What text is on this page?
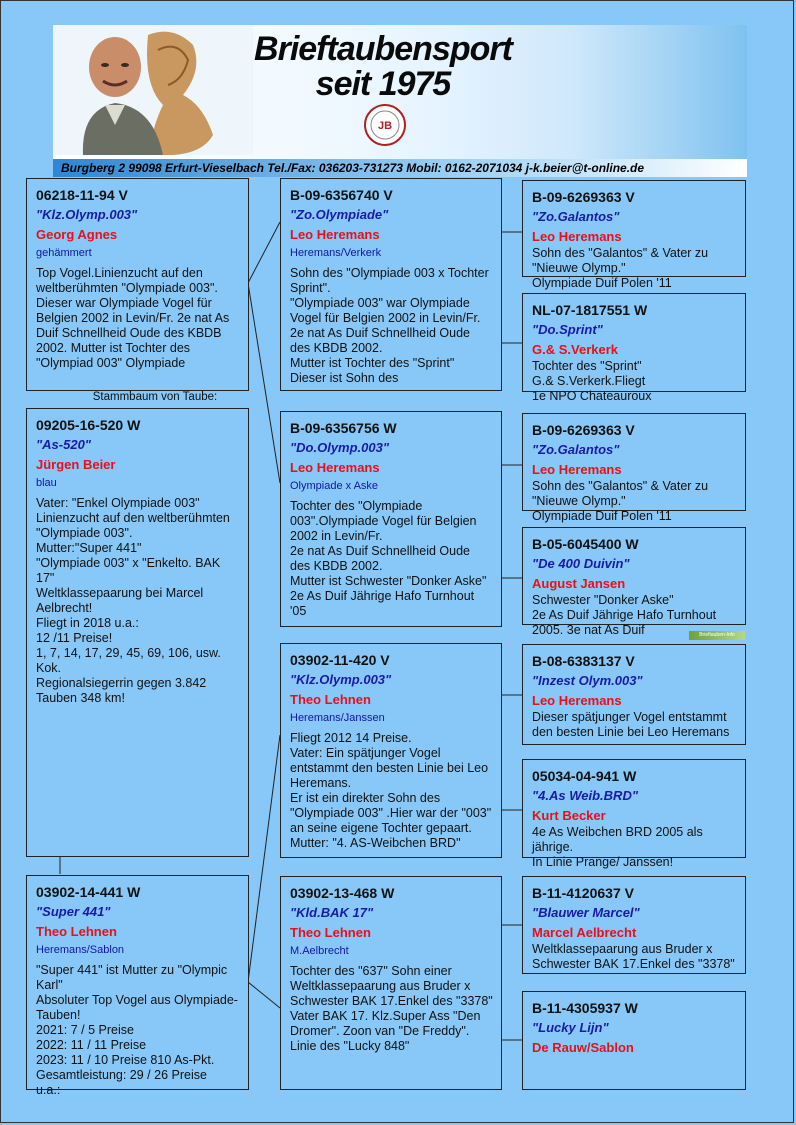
Brieftaubensport
seit 1975
JB
Burgberg 2 99098 Erfurt-Vieselbach Tel./Fax: 036203-731273 Mobil: 0162-2071034 j-k.beier@t-online.de
Stammbaum von Taube:
06218-11-94 V
"Klz.Olymp.003"
Georg Agnes
gehämmert
Top Vogel.Linienzucht auf den weltberühmten "Olympiade 003". Dieser war Olympiade Vogel für Belgien 2002 in Levin/Fr. 2e nat As Duif Schnellheid Oude des KBDB 2002. Mutter ist Tochter des "Olympiad 003" Olympiade
09205-16-520 W
"As-520"
Jürgen Beier
blau
Vater: "Enkel Olympiade 003" Linienzucht auf den weltberühmten "Olympiade 003".
Mutter:"Super 441"
"Olympiade 003" x "Enkelto. BAK 17"
Weltklassepaarung bei Marcel Aelbrecht!
Fliegt in 2018 u.a.:
12 /11 Preise!
1, 7, 14, 17, 29, 45, 69, 106, usw. Kok.
Regionalsiegerrin gegen 3.842 Tauben 348 km!
03902-14-441 W
"Super 441"
Theo Lehnen
Heremans/Sablon
"Super 441" ist Mutter zu "Olympic Karl"
Absoluter Top Vogel aus Olympiade-Tauben!
2021: 7 / 5 Preise
2022: 11 / 11 Preise
2023: 11 / 10 Preise 810 As-Pkt.
Gesamtleistung: 29 / 26 Preise
u.a.:
B-09-6356740 V
"Zo.Olympiade"
Leo Heremans
Heremans/Verkerk
Sohn des "Olympiade 003 x Tochter Sprint".
"Olympiade 003" war Olympiade Vogel für Belgien 2002 in Levin/Fr.
2e nat As Duif Schnellheid Oude des KBDB 2002.
Mutter ist Tochter des "Sprint" Dieser ist Sohn des
B-09-6356756 W
"Do.Olymp.003"
Leo Heremans
Olympiade x Aske
Tochter des "Olympiade 003".Olympiade Vogel für Belgien 2002 in Levin/Fr.
2e nat As Duif Schnellheid Oude des KBDB 2002.
Mutter ist Schwester "Donker Aske"
2e As Duif Jährige Hafo Turnhout '05
03902-11-420 V
"Klz.Olymp.003"
Theo Lehnen
Heremans/Janssen
Fliegt 2012 14 Preise.
Vater: Ein spätjunger Vogel entstammt den besten Linie bei Leo Heremans.
Er ist ein direkter Sohn des "Olympiade 003" .Hier war der "003" an seine eigene Tochter gepaart.
Mutter: "4. AS-Weibchen BRD"
03902-13-468 W
"Kld.BAK 17"
Theo Lehnen
M.Aelbrecht
Tochter des "637" Sohn einer Weltklassepaarung aus Bruder x Schwester BAK 17.Enkel des "3378"
Vater BAK 17. Klz.Super Ass "Den Dromer". Zoon van "De Freddy".
Linie des "Lucky 848"
B-09-6269363 V
"Zo.Galantos"
Leo Heremans
Sohn des "Galantos" & Vater zu "Nieuwe Olymp."
Olympiade Duif Polen '11
NL-07-1817551 W
"Do.Sprint"
G.& S.Verkerk
Tochter des "Sprint"
G.& S.Verkerk.Fliegt
1e NPO Chateauroux
B-09-6269363 V
"Zo.Galantos"
Leo Heremans
Sohn des "Galantos" & Vater zu "Nieuwe Olymp."
Olympiade Duif Polen '11
B-05-6045400 W
"De 400 Duivin"
August Jansen
Schwester "Donker Aske"
2e As Duif Jährige Hafo Turnhout 2005. 3e nat As Duif	Brieftauben-Info
B-08-6383137 V
"Inzest Olym.003"
Leo Heremans
Dieser spätjunger Vogel entstammt den besten Linie bei Leo Heremans
05034-04-941 W
"4.As Weib.BRD"
Kurt Becker
4e As Weibchen BRD 2005 als jährige.
In Linie Prange/ Janssen!
B-11-4120637 V
"Blauwer Marcel"
Marcel Aelbrecht
Weltklassepaarung aus Bruder x Schwester BAK 17.Enkel des "3378"
B-11-4305937 W
"Lucky Lijn"
De Rauw/Sablon
